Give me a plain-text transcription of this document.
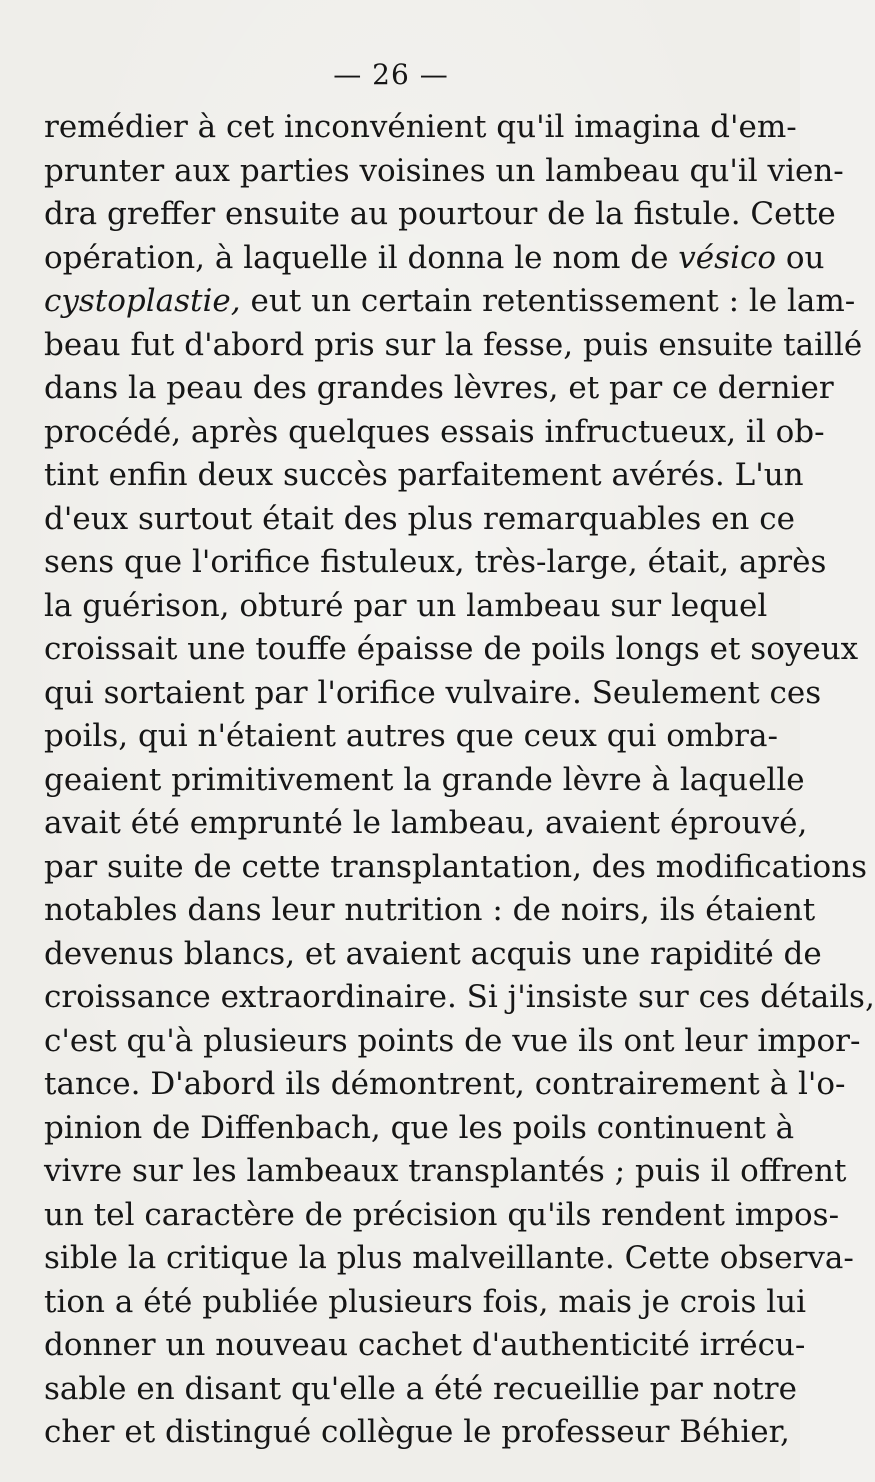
— 26 —
remédier à cet inconvénient qu'il imagina d'em-
prunter aux parties voisines un lambeau qu'il vien-
dra greffer ensuite au pourtour de la fistule. Cette
opération, à laquelle il donna le nom de vésico ou
cystoplastie, eut un certain retentissement : le lam-
beau fut d'abord pris sur la fesse, puis ensuite taillé
dans la peau des grandes lèvres, et par ce dernier
procédé, après quelques essais infructueux, il ob-
tint enfin deux succès parfaitement avérés. L'un
d'eux surtout était des plus remarquables en ce
sens que l'orifice fistuleux, très-large, était, après
la guérison, obturé par un lambeau sur lequel
croissait une touffe épaisse de poils longs et soyeux
qui sortaient par l'orifice vulvaire. Seulement ces
poils, qui n'étaient autres que ceux qui ombra-
geaient primitivement la grande lèvre à laquelle
avait été emprunté le lambeau, avaient éprouvé,
par suite de cette transplantation, des modifications
notables dans leur nutrition : de noirs, ils étaient
devenus blancs, et avaient acquis une rapidité de
croissance extraordinaire. Si j'insiste sur ces détails,
c'est qu'à plusieurs points de vue ils ont leur impor-
tance. D'abord ils démontrent, contrairement à l'o-
pinion de Diffenbach, que les poils continuent à
vivre sur les lambeaux transplantés ; puis il offrent
un tel caractère de précision qu'ils rendent impos-
sible la critique la plus malveillante. Cette observa-
tion a été publiée plusieurs fois, mais je crois lui
donner un nouveau cachet d'authenticité irrécu-
sable en disant qu'elle a été recueillie par notre
cher et distingué collègue le professeur Béhier,
